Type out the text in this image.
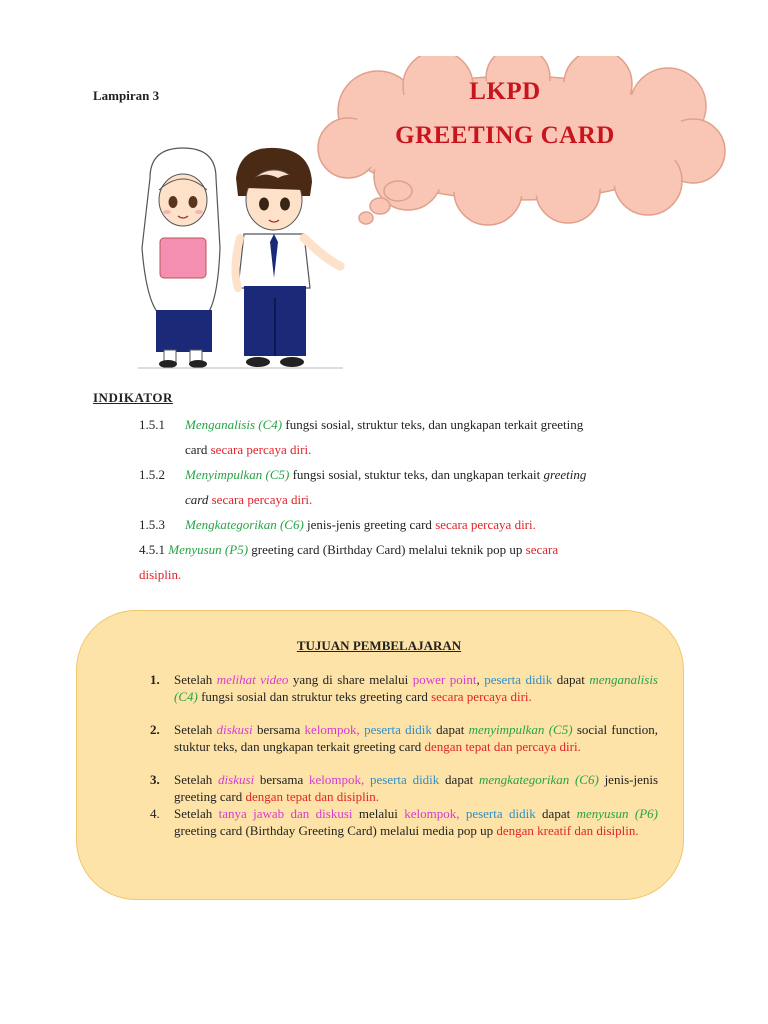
Lampiran 3	LKPD
GREETING CARD
INDIKATOR
1.5.1 Menganalisis (C4) fungsi sosial, struktur teks, dan ungkapan terkait greeting
card secara percaya diri.
1.5.2 Menyimpulkan (C5) fungsi sosial, stuktur teks, dan ungkapan terkait greeting
card secara percaya diri.
1.5.3 Mengkategorikan (C6) jenis-jenis greeting card secara percaya diri.
4.5.1 Menyusun (P5) greeting card (Birthday Card) melalui teknik pop up secara
disiplin.
TUJUAN PEMBELAJARAN
1.	Setelah melihat video yang di share melalui power point, peserta didik dapat menganalisis (C4) fungsi sosial dan struktur teks greeting card secara percaya diri.
2.	Setelah diskusi bersama kelompok, peserta didik dapat menyimpulkan (C5) social function, stuktur teks, dan ungkapan terkait greeting card dengan tepat dan percaya diri.
3.	Setelah diskusi bersama kelompok, peserta didik dapat mengkategorikan (C6) jenis-jenis greeting card dengan tepat dan disiplin.
4.	Setelah tanya jawab dan diskusi melalui kelompok, peserta didik dapat menyusun (P6) greeting card (Birthday Greeting Card) melalui media pop up dengan kreatif dan disiplin.
